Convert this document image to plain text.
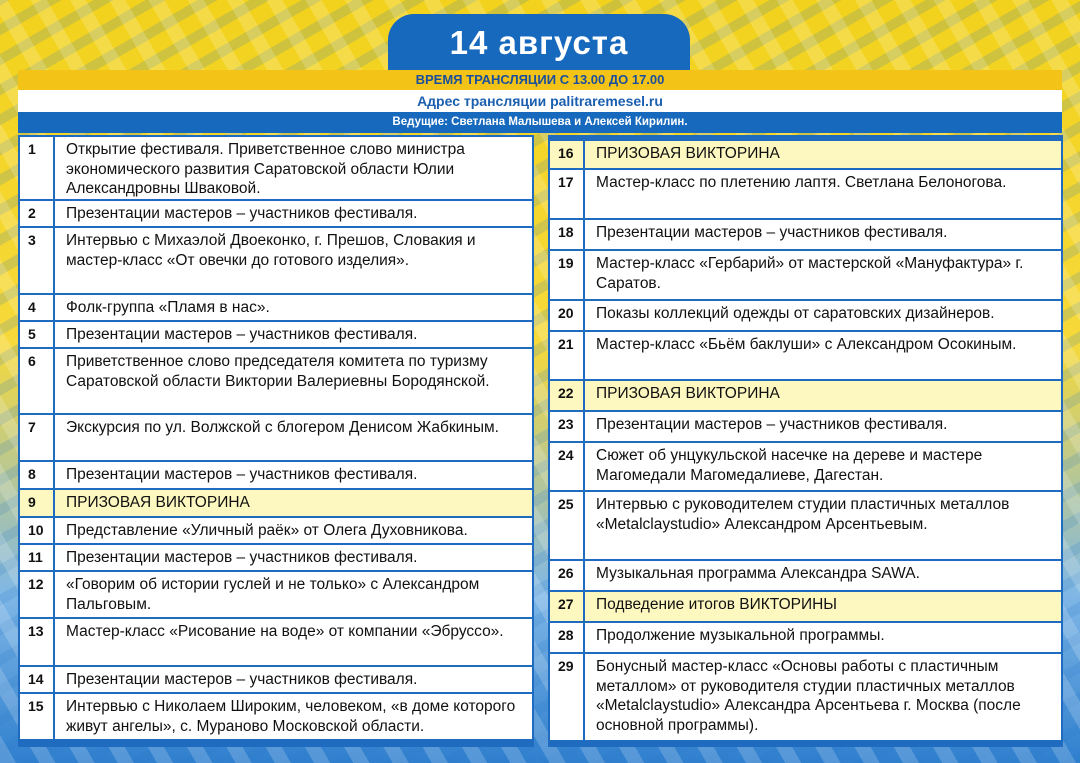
14 августа
ВРЕМЯ ТРАНСЛЯЦИИ С 13.00 ДО 17.00
Адрес трансляции palitraremesel.ru
Ведущие: Светлана Малышева и Алексей Кирилин.
1	Открытие фестиваля. Приветственное слово министра экономического развития Саратовской области Юлии Александровны Шваковой.
2	Презентации мастеров – участников фестиваля.
3	Интервью с Михаэлой Двоеконко, г. Прешов, Словакия и мастер-класс «От овечки до готового изделия».
4	Фолк-группа «Пламя в нас».
5	Презентации мастеров – участников фестиваля.
6	Приветственное слово председателя комитета по туризму Саратовской области Виктории Валериевны Бородянской.
7	Экскурсия по ул. Волжской с блогером Денисом Жабкиным.
8	Презентации мастеров – участников фестиваля.
9	ПРИЗОВАЯ ВИКТОРИНА
10	Представление «Уличный раёк» от Олега Духовникова.
11	Презентации мастеров – участников фестиваля.
12	«Говорим об истории гуслей и не только» с Александром Пальговым.
13	Мастер-класс «Рисование на воде» от компании «Эбруссо».
14	Презентации мастеров – участников фестиваля.
15	Интервью с Николаем Широким, человеком, «в доме которого живут ангелы», с. Мураново Московской области.
16	ПРИЗОВАЯ ВИКТОРИНА
17	Мастер-класс по плетению лаптя. Светлана Белоногова.
18	Презентации мастеров – участников фестиваля.
19	Мастер-класс «Гербарий» от мастерской «Мануфактура» г. Саратов.
20	Показы коллекций одежды от саратовских дизайнеров.
21	Мастер-класс «Бьём баклуши» с Александром Осокиным.
22	ПРИЗОВАЯ ВИКТОРИНА
23	Презентации мастеров – участников фестиваля.
24	Сюжет об унцукульской насечке на дереве и мастере Магомедали Магомедалиеве, Дагестан.
25	Интервью с руководителем студии пластичных металлов «Metalclaystudio» Александром Арсентьевым.
26	Музыкальная программа Александра SAWA.
27	Подведение итогов ВИКТОРИНЫ
28	Продолжение музыкальной программы.
29	Бонусный мастер-класс «Основы работы с пластичным металлом» от руководителя студии пластичных металлов «Metalclaystudio» Александра Арсентьева г. Москва (после основной программы).
